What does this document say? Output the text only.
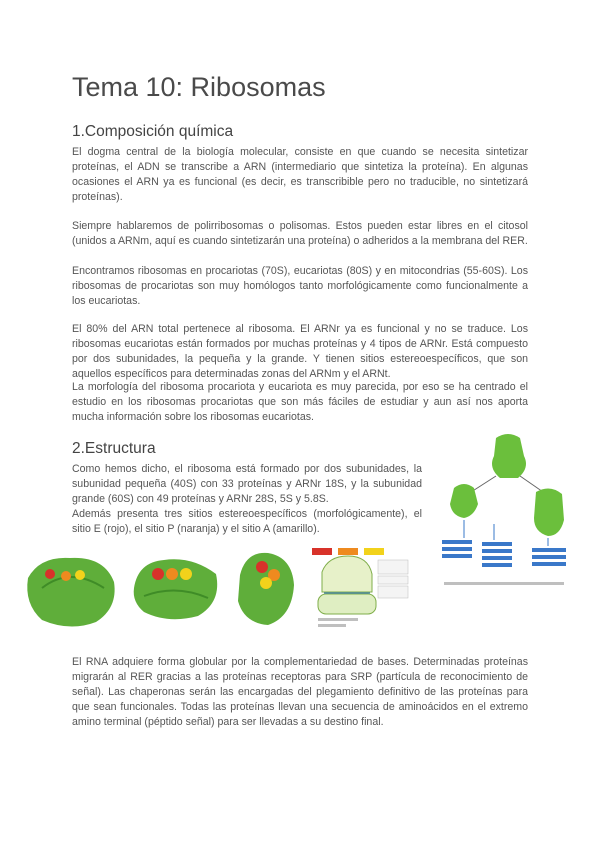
Tema 10: Ribosomas
1.Composición química

El dogma central de la biología molecular, consiste en que cuando se necesita sintetizar proteínas, el ADN se transcribe a ARN (intermediario que sintetiza la proteína). En algunas ocasiones el ARN ya es funcional (es decir, es transcribible pero no traducible, no sintetizará proteínas).

Siempre hablaremos de polirribosomas o polisomas. Estos pueden estar libres en el citosol (unidos a ARNm, aquí es cuando sintetizarán una proteína) o adheridos a la membrana del RER.

Encontramos ribosomas en procariotas (70S), eucariotas (80S) y en mitocondrias (55-60S). Los ribosomas de procariotas son muy homólogos tanto morfológicamente como funcionalmente a los eucariotas.

El 80% del ARN total pertenece al ribosoma. El ARNr ya es funcional y no se traduce. Los ribosomas eucariotas están formados por muchas proteínas y 4 tipos de ARNr. Está compuesto por dos subunidades, la pequeña y la grande. Y tienen sitios estereoespecíficos, que son aquellos específicos para determinadas zonas del ARNm y el ARNt.

La morfología del ribosoma procariota y eucariota es muy parecida, por eso se ha centrado el estudio en los ribosomas procariotas que son más fáciles de estudiar y aun así nos aporta mucha información sobre los ribosomas eucariotas.

2.Estructura

Como hemos dicho, el ribosoma está formado por dos subunidades, la subunidad pequeña (40S) con 33 proteínas y ARNr 18S, y la subunidad grande (60S) con 49 proteínas y ARNr 28S, 5S y 5.8S.

Además presenta tres sitios estereoespecíficos (morfológicamente), el sitio E (rojo), el sitio P (naranja) y el sitio A (amarillo).

El RNA adquiere forma globular por la complementariedad de bases. Determinadas proteínas migrarán al RER gracias a las proteínas receptoras para SRP (partícula de reconocimiento de señal). Las chaperonas serán las encargadas del plegamiento definitivo de las proteínas para que sean funcionales. Todas las proteínas llevan una secuencia de aminoácidos en el extremo amino terminal (péptido señal) para ser llevadas a su destino final.
